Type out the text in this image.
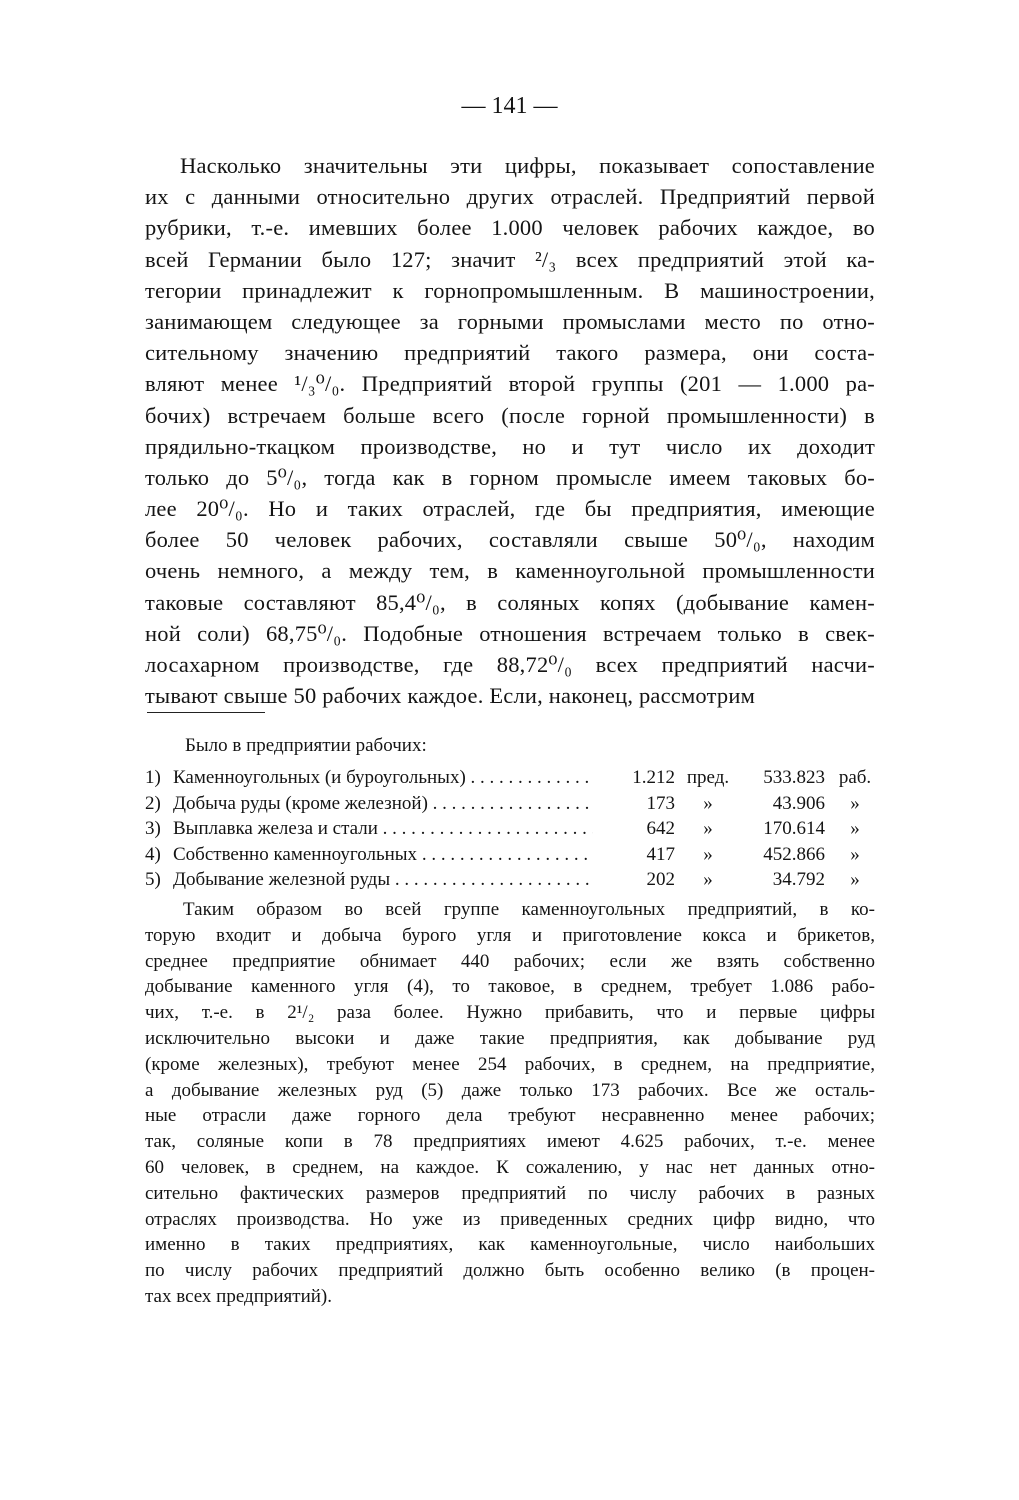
— 141 —
Насколько значительны эти цифры, показывает сопоставление
их с данными относительно других отраслей. Предприятий первой
рубрики, т.-е. имевших более 1.000 человек рабочих каждое, во
всей Германии было 127; значит ²/₃ всех предприятий этой ка-
тегории принадлежит к горнопромышленным. В машиностроении,
занимающем следующее за горными промыслами место по отно-
сительному значению предприятий такого размера, они соста-
вляют менее ¹/₃⁰/₀. Предприятий второй группы (201 — 1.000 ра-
бочих) встречаем больше всего (после горной промышленности) в
прядильно-ткацком производстве, но и тут число их доходит
только до 5⁰/₀, тогда как в горном промысле имеем таковых бо-
лее 20⁰/₀. Но и таких отраслей, где бы предприятия, имеющие
более 50 человек рабочих, составляли свыше 50⁰/₀, находим
очень немного, а между тем, в каменноугольной промышленности
таковые составляют 85,4⁰/₀, в соляных копях (добывание камен-
ной соли) 68,75⁰/₀. Подобные отношения встречаем только в свек-
лосахарном производстве, где 88,72⁰/₀ всех предприятий насчи-
тывают свыше 50 рабочих каждое. Если, наконец, рассмотрим
Было в предприятии рабочих:
1) Каменноугольных (и буроугольных) . . .	1.212 пред.	533.823 раб.
2) Добыча руды (кроме железной) . . .	173	»	43.906	»
3) Выплавка железа и стали . . .	642	»	170.614	»
4) Собственно каменноугольных . . .	417	»	452.866	»
5) Добывание железной руды . . .	202	»	34.792	»
Таким образом во всей группе каменноугольных предприятий, в ко-
торую входит и добыча бурого угля и приготовление кокса и брикетов,
среднее предприятие обнимает 440 рабочих; если же взять собственно
добывание каменного угля (4), то таковое, в среднем, требует 1.086 рабо-
чих, т.-е. в 2¹/₂ раза более. Нужно прибавить, что и первые цифры
исключительно высоки и даже такие предприятия, как добывание руд
(кроме железных), требуют менее 254 рабочих, в среднем, на предприятие,
а добывание железных руд (5) даже только 173 рабочих. Все же осталь-
ные отрасли даже горного дела требуют несравненно менее рабочих;
так, соляные копи в 78 предприятиях имеют 4.625 рабочих, т.-е. менее
60 человек, в среднем, на каждое. К сожалению, у нас нет данных отно-
сительно фактических размеров предприятий по числу рабочих в разных
отраслях производства. Но уже из приведенных средних цифр видно, что
именно в таких предприятиях, как каменноугольные, число наибольших
по числу рабочих предприятий должно быть особенно велико (в процен-
тах всех предприятий).
